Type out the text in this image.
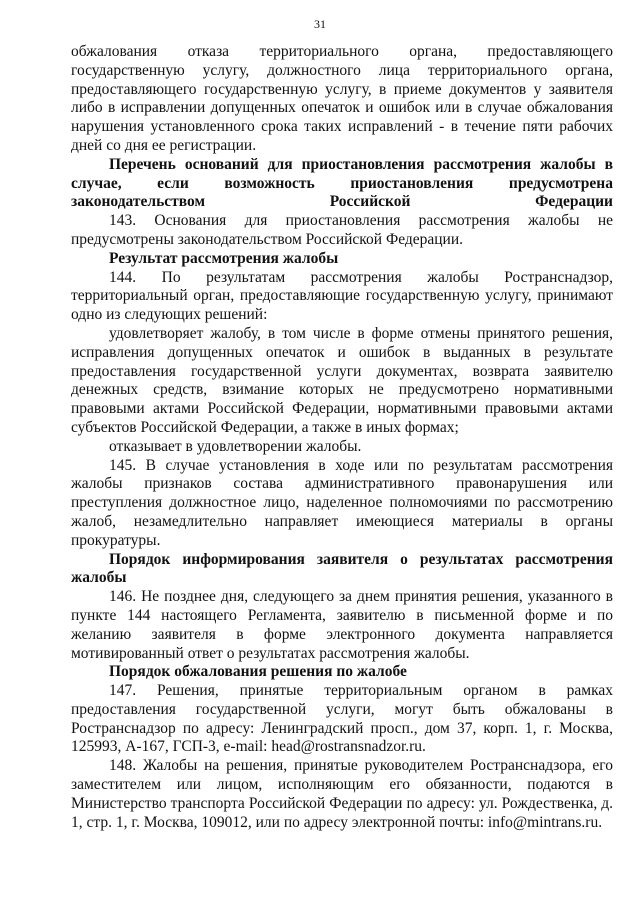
31

обжалования отказа территориального органа, предоставляющего государственную услугу, должностного лица территориального органа, предоставляющего государственную услугу, в приеме документов у заявителя либо в исправлении допущенных опечаток и ошибок или в случае обжалования нарушения установленного срока таких исправлений - в течение пяти рабочих дней со дня ее регистрации.

Перечень оснований для приостановления рассмотрения жалобы в случае, если возможность приостановления предусмотрена законодательством Российской Федерации

143. Основания для приостановления рассмотрения жалобы не предусмотрены законодательством Российской Федерации.

Результат рассмотрения жалобы

144. По результатам рассмотрения жалобы Ространснадзор, территориальный орган, предоставляющие государственную услугу, принимают одно из следующих решений:

удовлетворяет жалобу, в том числе в форме отмены принятого решения, исправления допущенных опечаток и ошибок в выданных в результате предоставления государственной услуги документах, возврата заявителю денежных средств, взимание которых не предусмотрено нормативными правовыми актами Российской Федерации, нормативными правовыми актами субъектов Российской Федерации, а также в иных формах;

отказывает в удовлетворении жалобы.

145. В случае установления в ходе или по результатам рассмотрения жалобы признаков состава административного правонарушения или преступления должностное лицо, наделенное полномочиями по рассмотрению жалоб, незамедлительно направляет имеющиеся материалы в органы прокуратуры.

Порядок информирования заявителя о результатах рассмотрения жалобы

146. Не позднее дня, следующего за днем принятия решения, указанного в пункте 144 настоящего Регламента, заявителю в письменной форме и по желанию заявителя в форме электронного документа направляется мотивированный ответ о результатах рассмотрения жалобы.

Порядок обжалования решения по жалобе

147. Решения, принятые территориальным органом в рамках предоставления государственной услуги, могут быть обжалованы в Ространснадзор по адресу: Ленинградский просп., дом 37, корп. 1, г. Москва, 125993, А-167, ГСП-3, e-mail: head@rostransnadzor.ru.

148. Жалобы на решения, принятые руководителем Ространснадзора, его заместителем или лицом, исполняющим его обязанности, подаются в Министерство транспорта Российской Федерации по адресу: ул. Рождественка, д. 1, стр. 1, г. Москва, 109012, или по адресу электронной почты: info@mintrans.ru.
